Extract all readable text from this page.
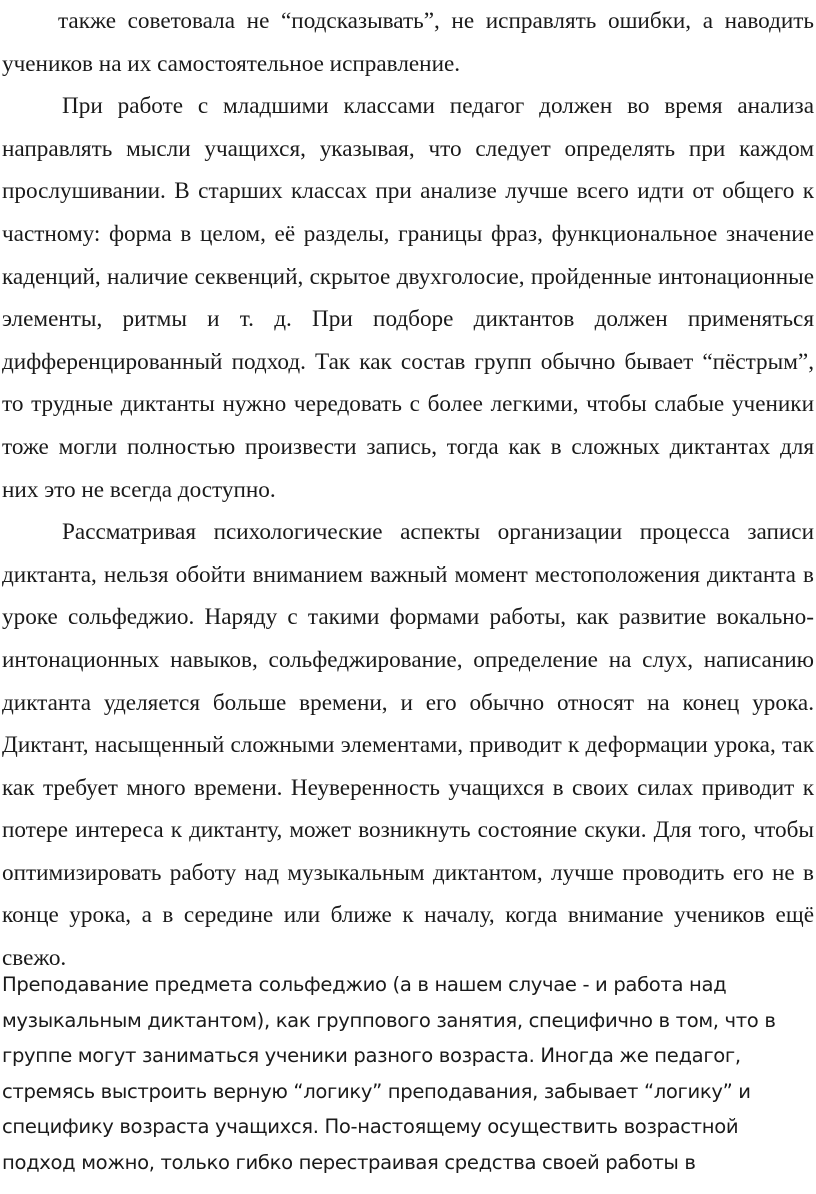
также советовала не “подсказывать”, не исправлять ошибки, а наводить учеников на их самостоятельное исправление.

При работе с младшими классами педагог должен во время анализа направлять мысли учащихся, указывая, что следует определять при каждом прослушивании. В старших классах при анализе лучше всего идти от общего к частному: форма в целом, её разделы, границы фраз, функциональное значение каденций, наличие секвенций, скрытое двухголосие, пройденные интонационные элементы, ритмы и т. д. При подборе диктантов должен применяться дифференцированный подход. Так как состав групп обычно бывает “пёстрым”, то трудные диктанты нужно чередовать с более легкими, чтобы слабые ученики тоже могли полностью произвести запись, тогда как в сложных диктантах для них это не всегда доступно.

Рассматривая психологические аспекты организации процесса записи диктанта, нельзя обойти вниманием важный момент местоположения диктанта в уроке сольфеджио. Наряду с такими формами работы, как развитие вокально-интонационных навыков, сольфеджирование, определение на слух, написанию диктанта уделяется больше времени, и его обычно относят на конец урока. Диктант, насыщенный сложными элементами, приводит к деформации урока, так как требует много времени. Неуверенность учащихся в своих силах приводит к потере интереса к диктанту, может возникнуть состояние скуки. Для того, чтобы оптимизировать работу над музыкальным диктантом, лучше проводить его не в конце урока, а в середине или ближе к началу, когда внимание учеников ещё свежо.

Преподавание предмета сольфеджио (а в нашем случае - и работа над музыкальным диктантом), как группового занятия, специфично в том, что в группе могут заниматься ученики разного возраста. Иногда же педагог, стремясь выстроить верную “логику” преподавания, забывает “логику” и специфику возраста учащихся. По-настоящему осуществить возрастной подход можно, только гибко перестраивая средства своей работы в
